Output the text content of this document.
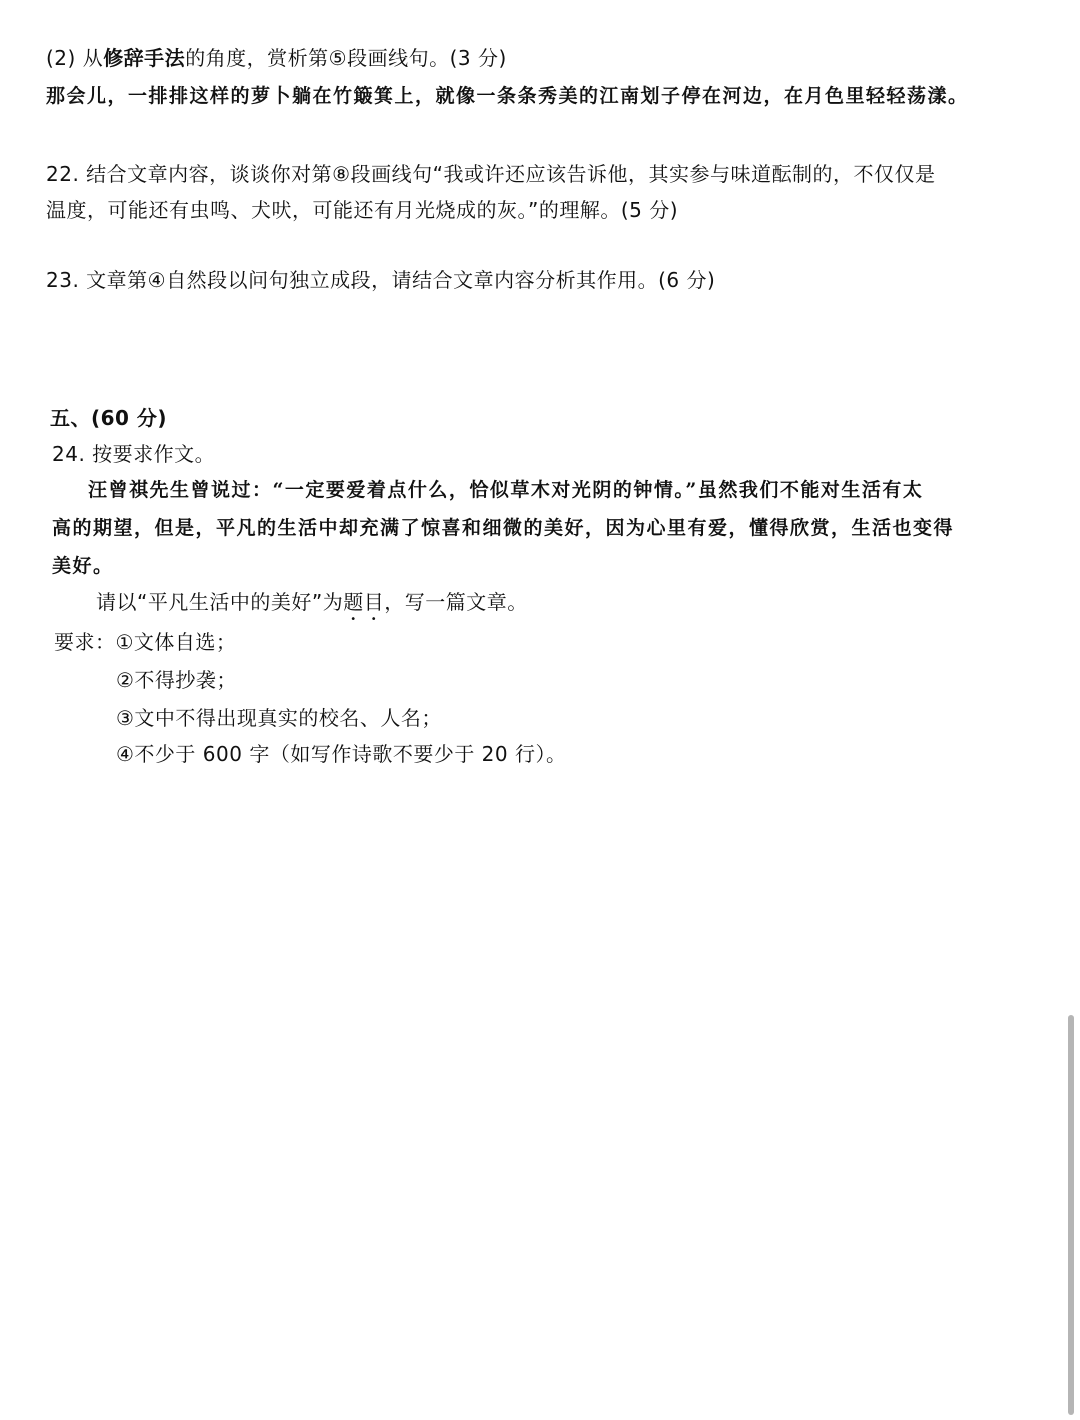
(2) 从修辞手法的角度，赏析第⑤段画线句。(3 分)
那会儿，一排排这样的萝卜躺在竹簸箕上，就像一条条秀美的江南划子停在河边，在月色里轻轻荡漾。
22. 结合文章内容，谈谈你对第⑧段画线句“我或许还应该告诉他，其实参与味道酝制的，不仅仅是
温度，可能还有虫鸣、犬吠，可能还有月光烧成的灰。”的理解。(5 分)
23. 文章第④自然段以问句独立成段，请结合文章内容分析其作用。(6 分)
五、(60 分)
24. 按要求作文。
汪曾祺先生曾说过：“一定要爱着点什么，恰似草木对光阴的钟情。”虽然我们不能对生活有太
高的期望，但是，平凡的生活中却充满了惊喜和细微的美好，因为心里有爱，懂得欣赏，生活也变得
美好。
请以“平凡生活中的美好”为题目，写一篇文章。
要求：①文体自选；
②不得抄袭；
③文中不得出现真实的校名、人名；
④不少于 600 字（如写作诗歌不要少于 20 行）。
